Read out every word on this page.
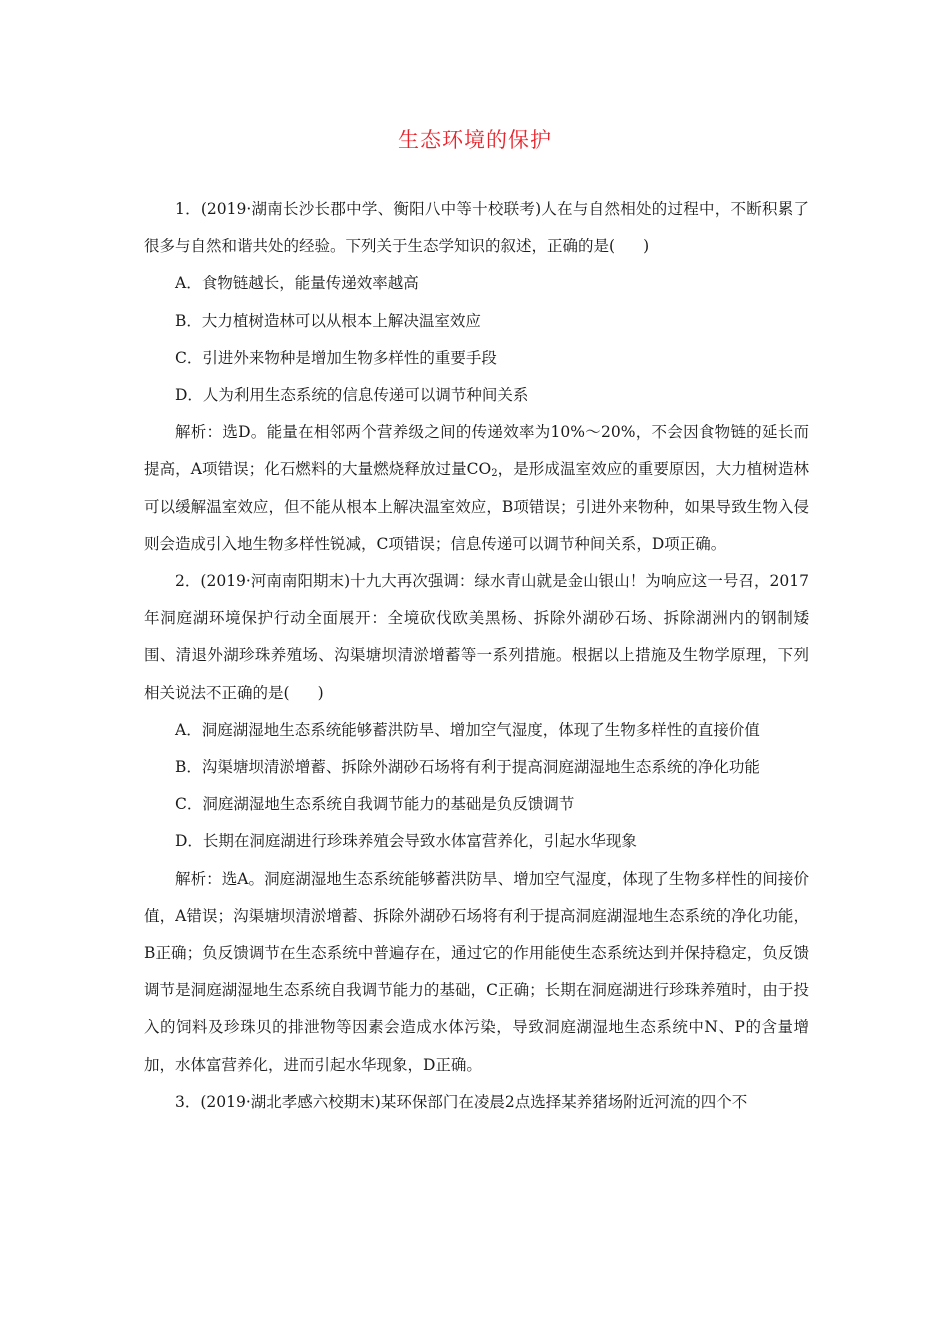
生态环境的保护

1．(2019·湖南长沙长郡中学、衡阳八中等十校联考)人在与自然相处的过程中，不断积累了很多与自然和谐共处的经验。下列关于生态学知识的叙述，正确的是( )

A．食物链越长，能量传递效率越高

B．大力植树造林可以从根本上解决温室效应

C．引进外来物种是增加生物多样性的重要手段

D．人为利用生态系统的信息传递可以调节种间关系

解析：选D。能量在相邻两个营养级之间的传递效率为10%～20%，不会因食物链的延长而提高，A项错误；化石燃料的大量燃烧释放过量$CO_2$，是形成温室效应的重要原因，大力植树造林可以缓解温室效应，但不能从根本上解决温室效应，B项错误；引进外来物种，如果导致生物入侵则会造成引入地生物多样性锐减，C项错误；信息传递可以调节种间关系，D项正确。

2．(2019·河南南阳期末)十九大再次强调：绿水青山就是金山银山！为响应这一号召，2017年洞庭湖环境保护行动全面展开：全境砍伐欧美黑杨、拆除外湖砂石场、拆除湖洲内的钢制矮围、清退外湖珍珠养殖场、沟渠塘坝清淤增蓄等一系列措施。根据以上措施及生物学原理，下列相关说法不正确的是( )

A．洞庭湖湿地生态系统能够蓄洪防旱、增加空气湿度，体现了生物多样性的直接价值

B．沟渠塘坝清淤增蓄、拆除外湖砂石场将有利于提高洞庭湖湿地生态系统的净化功能

C．洞庭湖湿地生态系统自我调节能力的基础是负反馈调节

D．长期在洞庭湖进行珍珠养殖会导致水体富营养化，引起水华现象

解析：选A。洞庭湖湿地生态系统能够蓄洪防旱、增加空气湿度，体现了生物多样性的间接价值，A错误；沟渠塘坝清淤增蓄、拆除外湖砂石场将有利于提高洞庭湖湿地生态系统的净化功能，B正确；负反馈调节在生态系统中普遍存在，通过它的作用能使生态系统达到并保持稳定，负反馈调节是洞庭湖湿地生态系统自我调节能力的基础，C正确；长期在洞庭湖进行珍珠养殖时，由于投入的饲料及珍珠贝的排泄物等因素会造成水体污染，导致洞庭湖湿地生态系统中N、P的含量增加，水体富营养化，进而引起水华现象，D正确。

3．(2019·湖北孝感六校期末)某环保部门在凌晨2点选择某养猪场附近河流的四个不
